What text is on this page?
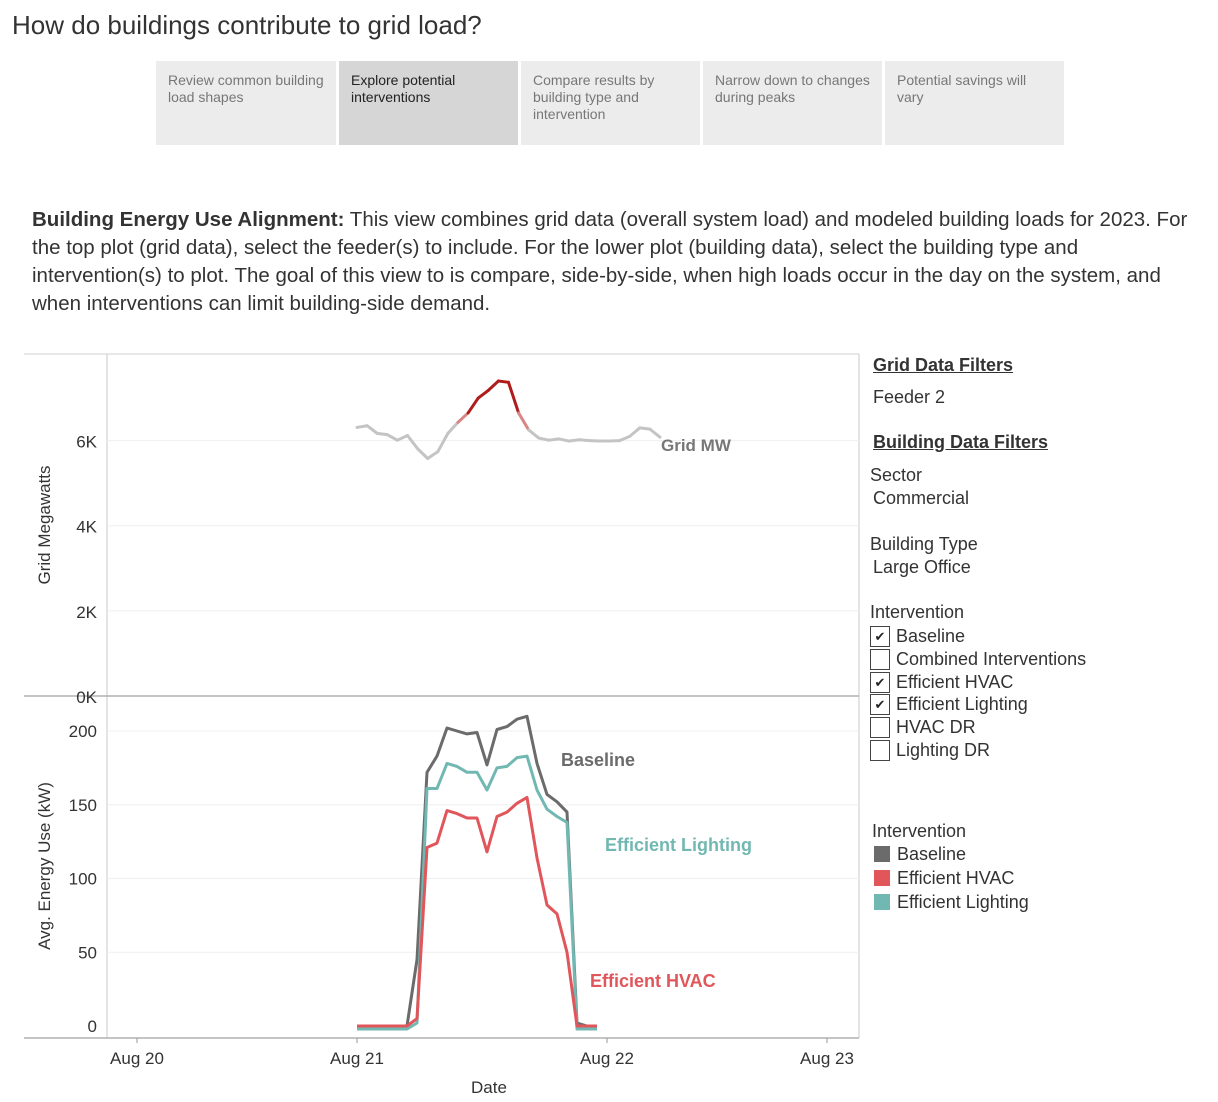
How do buildings contribute to grid load?
Review common building load shapes
Explore potential interventions
Compare results by building type and intervention
Narrow down to changes during peaks
Potential savings will vary

Building Energy Use Alignment: This view combines grid data (overall system load) and modeled building loads for 2023. For the top plot (grid data), select the feeder(s) to include. For the lower plot (building data), select the building type and intervention(s) to plot. The goal of this view to is compare, side-by-side, when high loads occur in the day on the system, and when interventions can limit building-side demand.

0K
2K
4K
6K
Grid Megawatts
Grid MW
0
50
100
150
200
Avg. Energy Use (kW)
Baseline
Efficient Lighting
Efficient HVAC
Aug 20	Aug 21	Aug 22	Aug 23
Date
Grid Data Filters
Feeder 2
Building Data Filters
Sector
Commercial
Building Type
Large Office
Intervention
✔ Baseline
Combined Interventions
✔ Efficient HVAC
✔ Efficient Lighting
HVAC DR
Lighting DR
Intervention
Baseline
Efficient HVAC
Efficient Lighting
